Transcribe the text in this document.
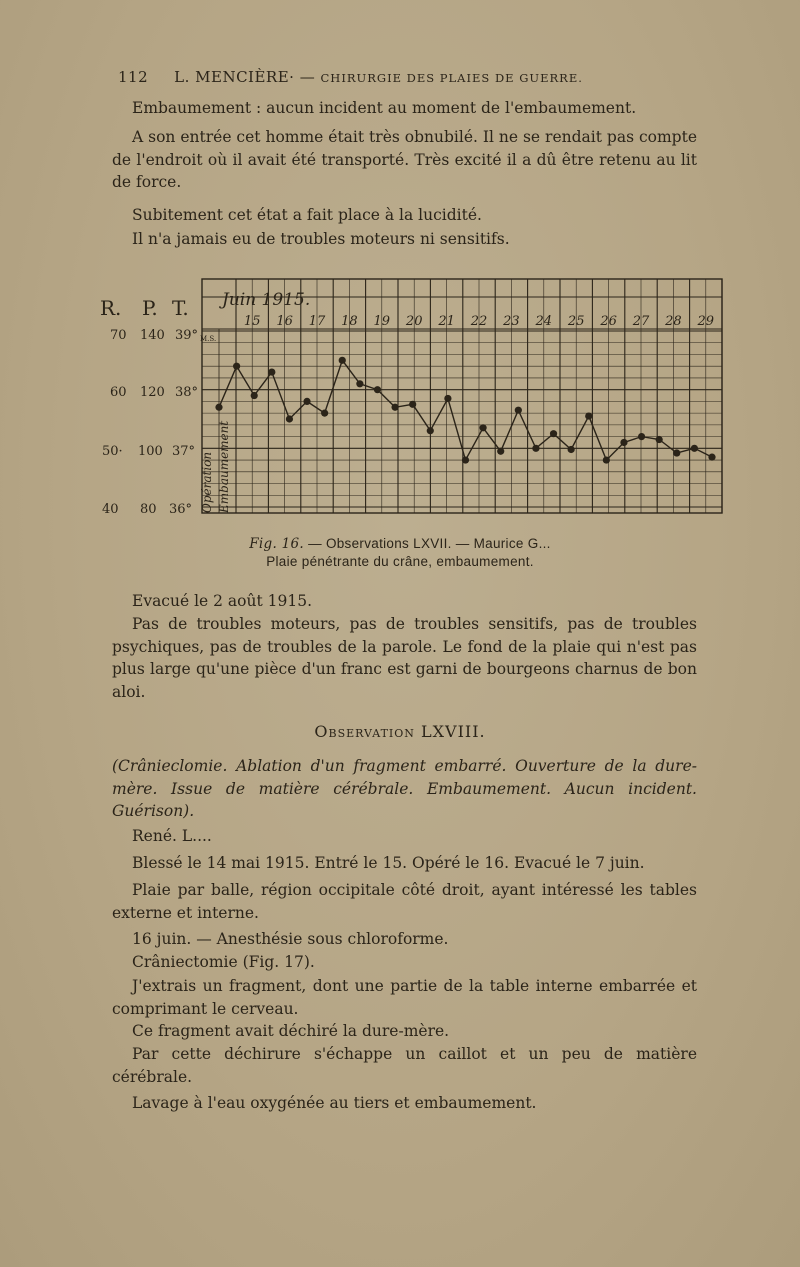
112 L. MENCIÈRE· — CHIRURGIE DES PLAIES DE GUERRE.

Embaumement : aucun incident au moment de l'embaumement.

A son entrée cet homme était très obnubilé. Il ne se rendait pas compte de l'endroit où il avait été transporté. Très excité il a dû être retenu au lit de force.

Subitement cet état a fait place à la lucidité.

Il n'a jamais eu de troubles moteurs ni sensitifs.

R. P. T.
70 140 39°
60 120 38°
50· 100 37°
40 80 36°
Juin 1915.
M.S.
Opération Embaumement
15 16 17 18 19 20 21 22 23 24 25 26 27 28 29
Fig. 16. — Observations LXVII. — Maurice G...
Plaie pénétrante du crâne, embaumement.

Evacué le 2 août 1915.

Pas de troubles moteurs, pas de troubles sensitifs, pas de troubles psychiques, pas de troubles de la parole. Le fond de la plaie qui n'est pas plus large qu'une pièce d'un franc est garni de bourgeons charnus de bon aloi.

Observation LXVIII.

(Crânieclomie. Ablation d'un fragment embarré. Ouverture de la dure-mère. Issue de matière cérébrale. Embaumement. Aucun incident. Guérison).

René. L....

Blessé le 14 mai 1915. Entré le 15. Opéré le 16. Evacué le 7 juin.

Plaie par balle, région occipitale côté droit, ayant intéressé les tables externe et interne.

16 juin. — Anesthésie sous chloroforme.

Crâniectomie (Fig. 17).

J'extrais un fragment, dont une partie de la table interne embarrée et comprimant le cerveau.

Ce fragment avait déchiré la dure-mère.

Par cette déchirure s'échappe un caillot et un peu de matière cérébrale.

Lavage à l'eau oxygénée au tiers et embaumement.
